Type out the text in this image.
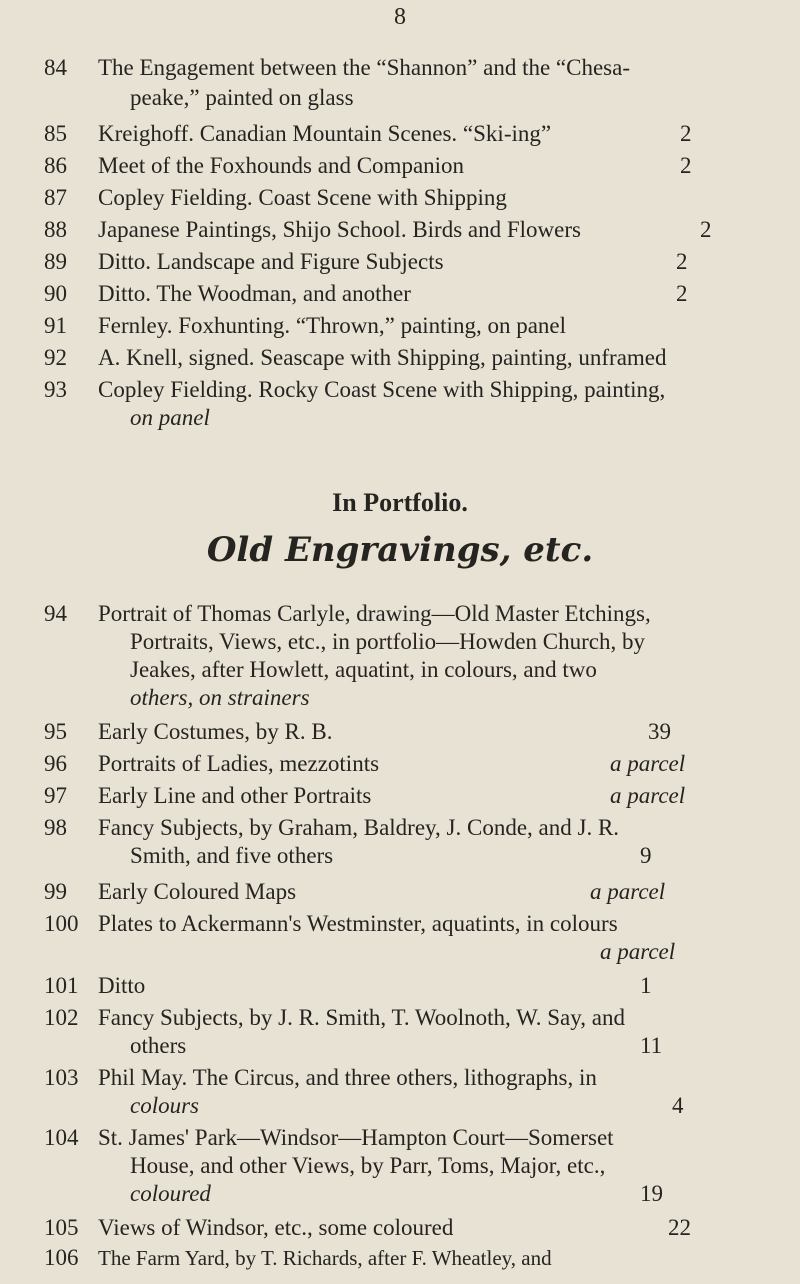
8
84	The Engagement between the “Shannon” and the “Chesa-
peake,” painted on glass
85	Kreighoff. Canadian Mountain Scenes. “Ski-ing”	2
86	Meet of the Foxhounds and Companion	2
87	Copley Fielding. Coast Scene with Shipping
88	Japanese Paintings, Shijo School. Birds and Flowers	2
89	Ditto. Landscape and Figure Subjects	2
90	Ditto. The Woodman, and another	2
91	Fernley. Foxhunting. “Thrown,” painting, on panel
92	A. Knell, signed. Seascape with Shipping, painting, unframed
93	Copley Fielding. Rocky Coast Scene with Shipping, painting,
on panel
In Portfolio.
Old Engravings, etc.
94	Portrait of Thomas Carlyle, drawing—Old Master Etchings,
Portraits, Views, etc., in portfolio—Howden Church, by
Jeakes, after Howlett, aquatint, in colours, and two
others, on strainers
95	Early Costumes, by R. B.	39
96	Portraits of Ladies, mezzotints	a parcel
97	Early Line and other Portraits	a parcel
98	Fancy Subjects, by Graham, Baldrey, J. Conde, and J. R.
Smith, and five others	9
99	Early Coloured Maps	a parcel
100 Plates to Ackermann's Westminster, aquatints, in colours
a parcel
101 Ditto	1
102 Fancy Subjects, by J. R. Smith, T. Woolnoth, W. Say, and
others	11
103 Phil May. The Circus, and three others, lithographs, in
colours	4
104 St. James' Park—Windsor—Hampton Court—Somerset
House, and other Views, by Parr, Toms, Major, etc.,
coloured	19
105 Views of Windsor, etc., some coloured	22
106 The Farm Yard, by T. Richards, after F. Wheatley, and
